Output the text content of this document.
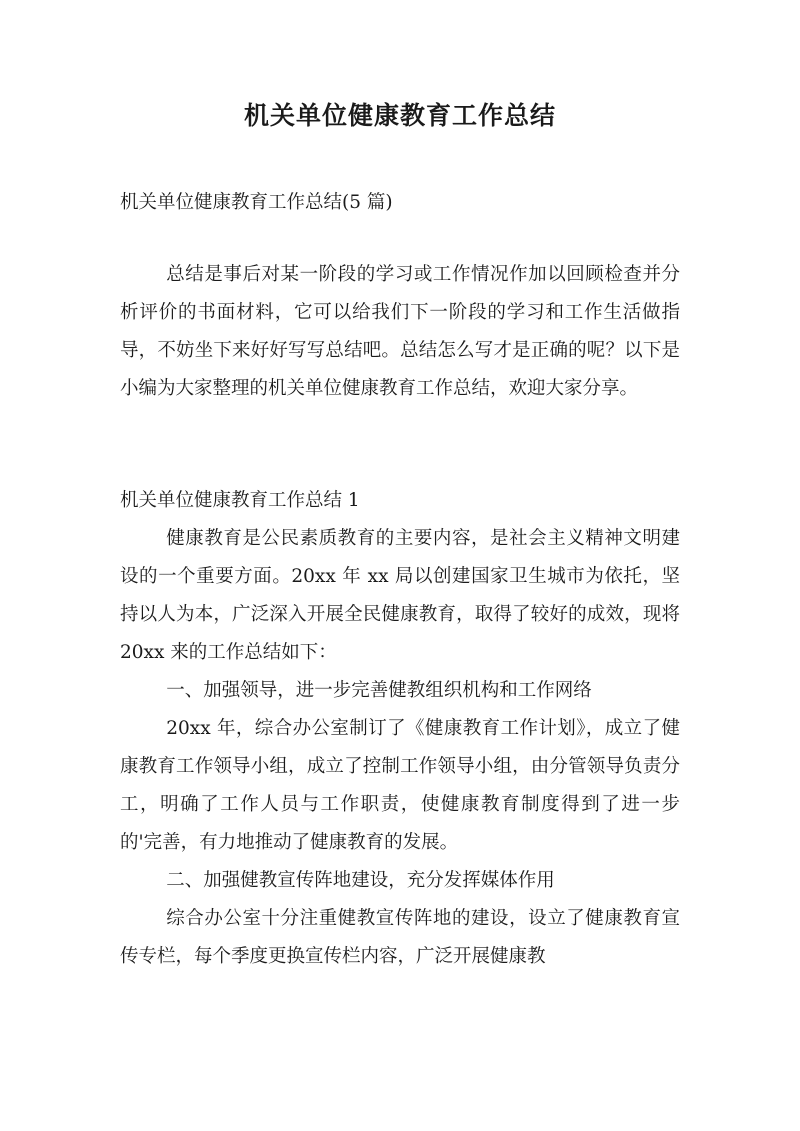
机关单位健康教育工作总结
机关单位健康教育工作总结(5 篇)

总结是事后对某一阶段的学习或工作情况作加以回顾检查并分析评价的书面材料，它可以给我们下一阶段的学习和工作生活做指导，不妨坐下来好好写写总结吧。总结怎么写才是正确的呢？以下是小编为大家整理的机关单位健康教育工作总结，欢迎大家分享。

机关单位健康教育工作总结 1

健康教育是公民素质教育的主要内容，是社会主义精神文明建设的一个重要方面。20xx 年 xx 局以创建国家卫生城市为依托，坚持以人为本，广泛深入开展全民健康教育，取得了较好的成效，现将 20xx 来的工作总结如下：

一、加强领导，进一步完善健教组织机构和工作网络

20xx 年，综合办公室制订了《健康教育工作计划》，成立了健康教育工作领导小组，成立了控制工作领导小组，由分管领导负责分工，明确了工作人员与工作职责，使健康教育制度得到了进一步的'完善，有力地推动了健康教育的发展。

二、加强健教宣传阵地建设，充分发挥媒体作用

综合办公室十分注重健教宣传阵地的建设，设立了健康教育宣传专栏，每个季度更换宣传栏内容，广泛开展健康教
